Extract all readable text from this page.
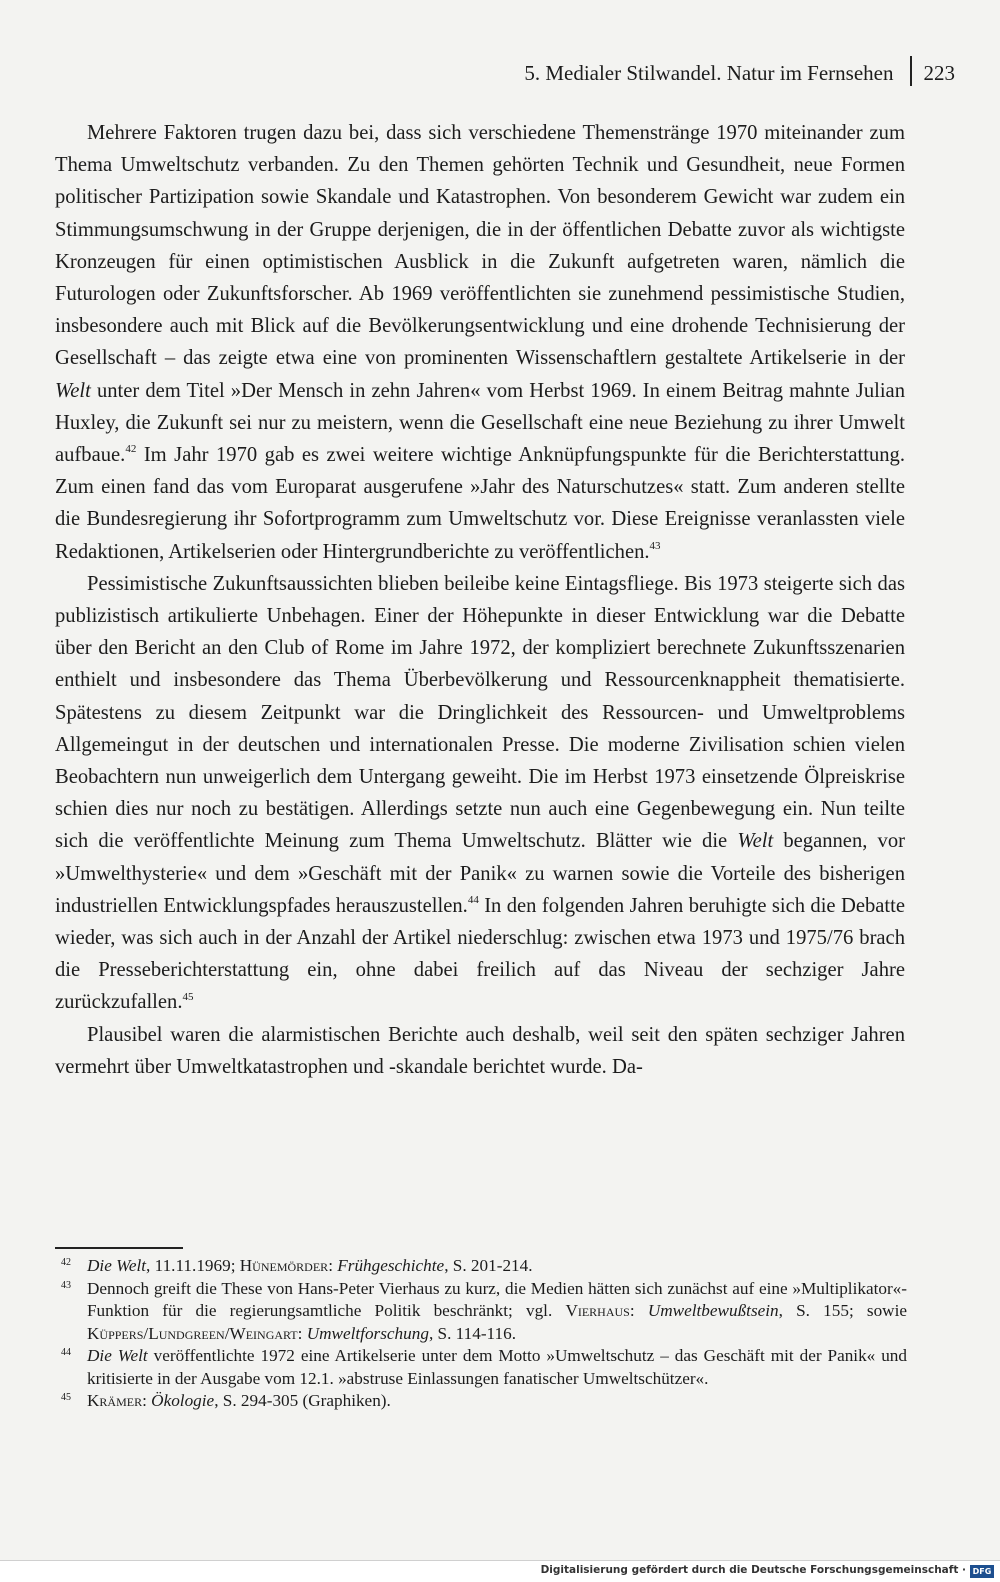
5. Medialer Stilwandel. Natur im Fernsehen 223

Mehrere Faktoren trugen dazu bei, dass sich verschiedene Themenstränge 1970 miteinander zum Thema Umweltschutz verbanden. Zu den Themen gehörten Technik und Gesundheit, neue Formen politischer Partizipation sowie Skandale und Katastrophen. Von besonderem Gewicht war zudem ein Stimmungsumschwung in der Gruppe derjenigen, die in der öffentlichen Debatte zuvor als wichtigste Kronzeugen für einen optimistischen Ausblick in die Zukunft aufgetreten waren, nämlich die Futurologen oder Zukunftsforscher. Ab 1969 veröffentlichten sie zunehmend pessimistische Studien, insbesondere auch mit Blick auf die Bevölkerungsentwicklung und eine drohende Technisierung der Gesellschaft – das zeigte etwa eine von prominenten Wissenschaftlern gestaltete Artikelserie in der Welt unter dem Titel »Der Mensch in zehn Jahren« vom Herbst 1969. In einem Beitrag mahnte Julian Huxley, die Zukunft sei nur zu meistern, wenn die Gesellschaft eine neue Beziehung zu ihrer Umwelt aufbaue.$^{42}$ Im Jahr 1970 gab es zwei weitere wichtige Anknüpfungspunkte für die Berichterstattung. Zum einen fand das vom Europarat ausgerufene »Jahr des Naturschutzes« statt. Zum anderen stellte die Bundesregierung ihr Sofortprogramm zum Umweltschutz vor. Diese Ereignisse veranlassten viele Redaktionen, Artikelserien oder Hintergrundberichte zu veröffentlichen.$^{43}$

Pessimistische Zukunftsaussichten blieben beileibe keine Eintagsfliege. Bis 1973 steigerte sich das publizistisch artikulierte Unbehagen. Einer der Höhepunkte in dieser Entwicklung war die Debatte über den Bericht an den Club of Rome im Jahre 1972, der kompliziert berechnete Zukunftsszenarien enthielt und insbesondere das Thema Überbevölkerung und Ressourcenknappheit thematisierte. Spätestens zu diesem Zeitpunkt war die Dringlichkeit des Ressourcen- und Umweltproblems Allgemeingut in der deutschen und internationalen Presse. Die moderne Zivilisation schien vielen Beobachtern nun unweigerlich dem Untergang geweiht. Die im Herbst 1973 einsetzende Ölpreiskrise schien dies nur noch zu bestätigen. Allerdings setzte nun auch eine Gegenbewegung ein. Nun teilte sich die veröffentlichte Meinung zum Thema Umweltschutz. Blätter wie die Welt begannen, vor »Umwelthysterie« und dem »Geschäft mit der Panik« zu warnen sowie die Vorteile des bisherigen industriellen Entwicklungspfades herauszustellen.$^{44}$ In den folgenden Jahren beruhigte sich die Debatte wieder, was sich auch in der Anzahl der Artikel niederschlug: zwischen etwa 1973 und 1975/76 brach die Presseberichterstattung ein, ohne dabei freilich auf das Niveau der sechziger Jahre zurückzufallen.$^{45}$

Plausibel waren die alarmistischen Berichte auch deshalb, weil seit den späten sechziger Jahren vermehrt über Umweltkatastrophen und -skandale berichtet wurde. Da-

42 Die Welt, 11.11.1969; Hünemörder: Frühgeschichte, S. 201-214.

43 Dennoch greift die These von Hans-Peter Vierhaus zu kurz, die Medien hätten sich zunächst auf eine »Multiplikator«-Funktion für die regierungsamtliche Politik beschränkt; vgl. Vierhaus: Umweltbewußtsein, S. 155; sowie Küppers/Lundgreen/Weingart: Umweltforschung, S. 114-116.

44 Die Welt veröffentlichte 1972 eine Artikelserie unter dem Motto »Umweltschutz – das Geschäft mit der Panik« und kritisierte in der Ausgabe vom 12.1. »abstruse Einlassungen fanatischer Umweltschützer«.

45 Krämer: Ökologie, S. 294-305 (Graphiken).

Digitalisierung gefördert durch die Deutsche Forschungsgemeinschaft · DFG
